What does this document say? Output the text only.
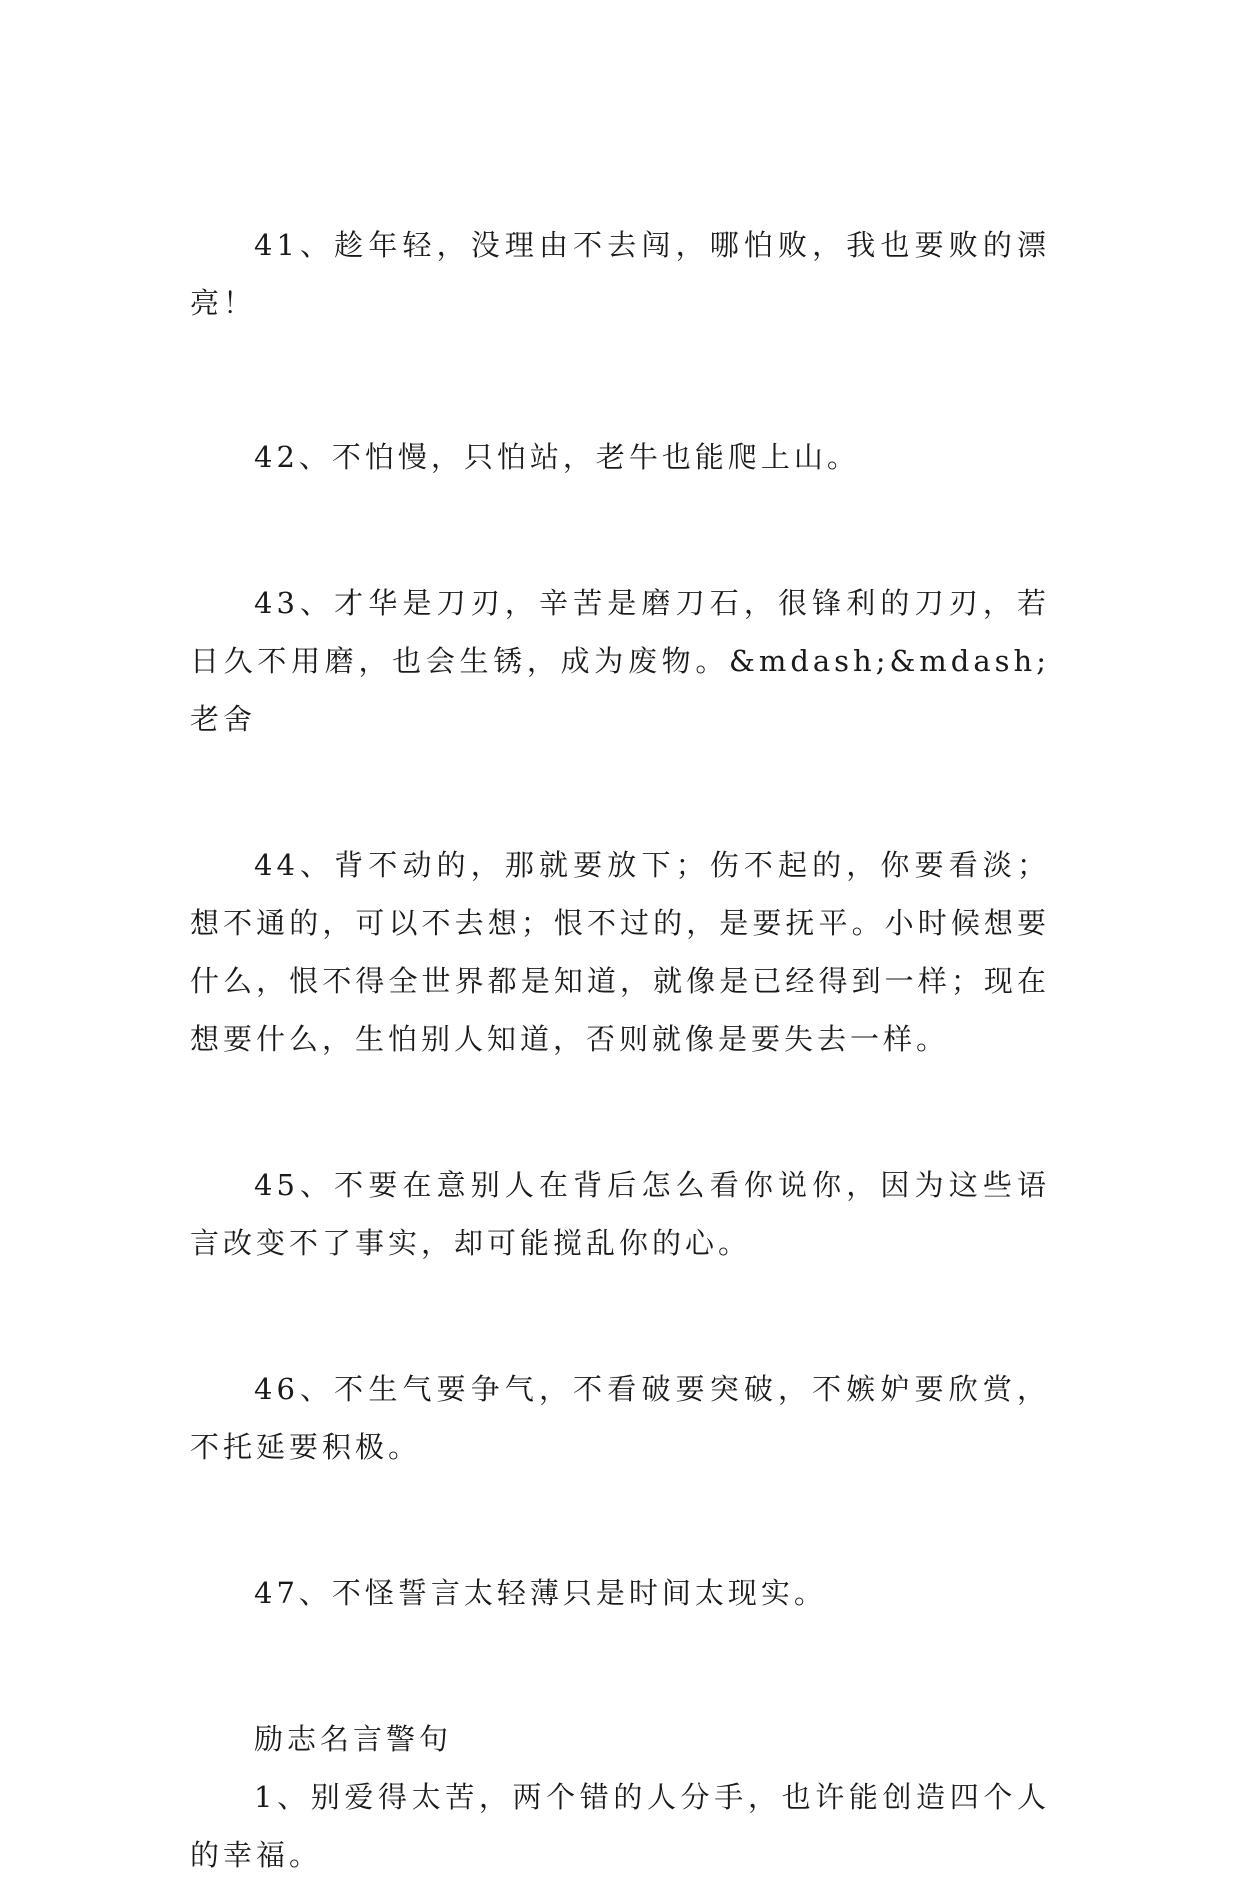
41、趁年轻，没理由不去闯，哪怕败，我也要败的漂亮！

42、不怕慢，只怕站，老牛也能爬上山。

43、才华是刀刃，辛苦是磨刀石，很锋利的刀刃，若日久不用磨，也会生锈，成为废物。&mdash;&mdash;老舍

44、背不动的，那就要放下；伤不起的，你要看淡；想不通的，可以不去想；恨不过的，是要抚平。小时候想要什么，恨不得全世界都是知道，就像是已经得到一样；现在想要什么，生怕别人知道，否则就像是要失去一样。

45、不要在意别人在背后怎么看你说你，因为这些语言改变不了事实，却可能搅乱你的心。

46、不生气要争气，不看破要突破，不嫉妒要欣赏，不托延要积极。

47、不怪誓言太轻薄只是时间太现实。

励志名言警句

1、别爱得太苦，两个错的人分手，也许能创造四个人的幸福。
